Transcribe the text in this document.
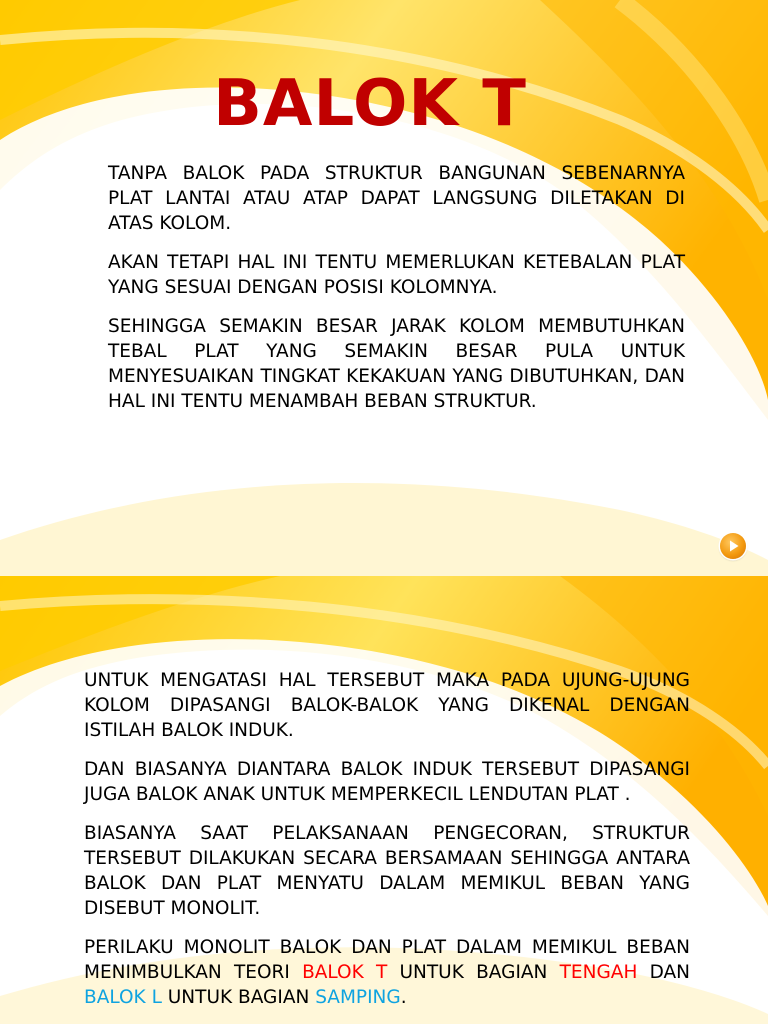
BALOK T

TANPA BALOK PADA STRUKTUR BANGUNAN SEBENARNYA PLAT LANTAI ATAU ATAP DAPAT LANGSUNG DILETAKAN DI ATAS KOLOM.

AKAN TETAPI HAL INI TENTU MEMERLUKAN KETEBALAN PLAT YANG SESUAI DENGAN POSISI KOLOMNYA.

SEHINGGA SEMAKIN BESAR JARAK KOLOM MEMBUTUHKAN TEBAL PLAT YANG SEMAKIN BESAR PULA UNTUK MENYESUAIKAN TINGKAT KEKAKUAN YANG DIBUTUHKAN, DAN HAL INI TENTU MENAMBAH BEBAN STRUKTUR.

UNTUK MENGATASI HAL TERSEBUT MAKA PADA UJUNG-UJUNG KOLOM DIPASANGI BALOK-BALOK YANG DIKENAL DENGAN ISTILAH BALOK INDUK.

DAN BIASANYA DIANTARA BALOK INDUK TERSEBUT DIPASANGI JUGA BALOK ANAK UNTUK MEMPERKECIL LENDUTAN PLAT .

BIASANYA SAAT PELAKSANAAN PENGECORAN, STRUKTUR TERSEBUT DILAKUKAN SECARA BERSAMAAN SEHINGGA ANTARA BALOK DAN PLAT MENYATU DALAM MEMIKUL BEBAN YANG DISEBUT MONOLIT.

PERILAKU MONOLIT BALOK DAN PLAT DALAM MEMIKUL BEBAN MENIMBULKAN TEORI BALOK T UNTUK BAGIAN TENGAH DAN BALOK L UNTUK BAGIAN SAMPING.
